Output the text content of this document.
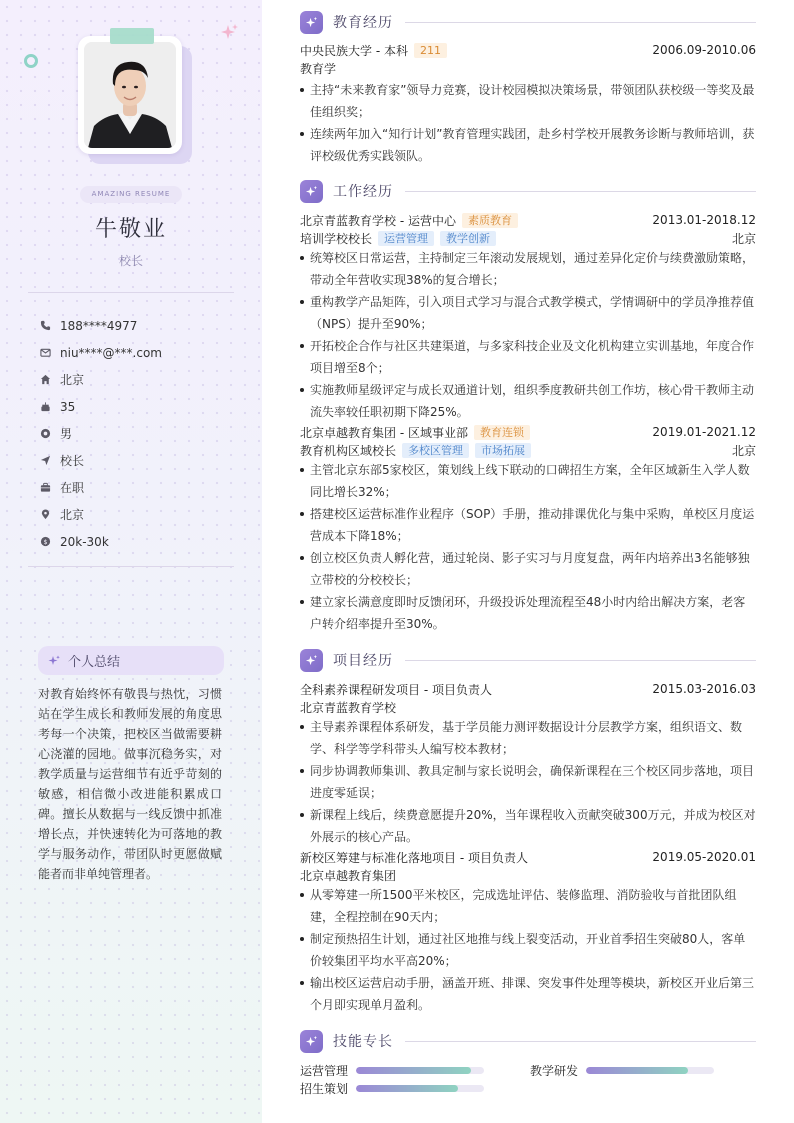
AMAZING RESUME
牛敬业
校长
188****4977
niu****@***.com
北京
35
男
校长
在职
北京
$ 20k-30k
个人总结
对教育始终怀有敬畏与热忱，习惯站在学生成长和教师发展的角度思考每一个决策，把校区当做需要耕心浇灌的园地。做事沉稳务实，对教学质量与运营细节有近乎苛刻的敏感，相信微小改进能积累成口碑。擅长从数据与一线反馈中抓准增长点，并快速转化为可落地的教学与服务动作，带团队时更愿做赋能者而非单纯管理者。
教育经历
中央民族大学 - 本科	211	2006.09-2010.06
教育学
主持“未来教育家”领导力竞赛，设计校园模拟决策场景，带领团队获校级一等奖及最佳组织奖；
连续两年加入“知行计划”教育管理实践团，赴乡村学校开展教务诊断与教师培训，获评校级优秀实践领队。
工作经历
北京青蓝教育学校 - 运营中心	素质教育	2013.01-2018.12
培训学校校长	运营管理	教学创新	北京
统筹校区日常运营，主持制定三年滚动发展规划，通过差异化定价与续费激励策略，带动全年营收实现38%的复合增长；
重构教学产品矩阵，引入项目式学习与混合式教学模式，学情调研中的学员净推荐值（NPS）提升至90%；
开拓校企合作与社区共建渠道，与多家科技企业及文化机构建立实训基地，年度合作项目增至8个；
实施教师星级评定与成长双通道计划，组织季度教研共创工作坊，核心骨干教师主动流失率较任职初期下降25%。
北京卓越教育集团 - 区域事业部	教育连锁	2019.01-2021.12
教育机构区域校长	多校区管理	市场拓展	北京
主管北京东部5家校区，策划线上线下联动的口碑招生方案，全年区域新生入学人数同比增长32%；
搭建校区运营标准作业程序（SOP）手册，推动排课优化与集中采购，单校区月度运营成本下降18%；
创立校区负责人孵化营，通过轮岗、影子实习与月度复盘，两年内培养出3名能够独立带校的分校校长；
建立家长满意度即时反馈闭环，升级投诉处理流程至48小时内给出解决方案，老客户转介绍率提升至30%。
项目经历
全科素养课程研发项目 - 项目负责人	2015.03-2016.03
北京青蓝教育学校
主导素养课程体系研发，基于学员能力测评数据设计分层教学方案，组织语文、数学、科学等学科带头人编写校本教材；
同步协调教师集训、教具定制与家长说明会，确保新课程在三个校区同步落地，项目进度零延误；
新课程上线后，续费意愿提升20%，当年课程收入贡献突破300万元，并成为校区对外展示的核心产品。
新校区筹建与标准化落地项目 - 项目负责人	2019.05-2020.01
北京卓越教育集团
从零筹建一所1500平米校区，完成选址评估、装修监理、消防验收与首批团队组建，全程控制在90天内；
制定预热招生计划，通过社区地推与线上裂变活动，开业首季招生突破80人，客单价较集团平均水平高20%；
输出校区运营启动手册，涵盖开班、排课、突发事件处理等模块，新校区开业后第三个月即实现单月盈利。
技能专长
运营管理	教学研发
招生策划
